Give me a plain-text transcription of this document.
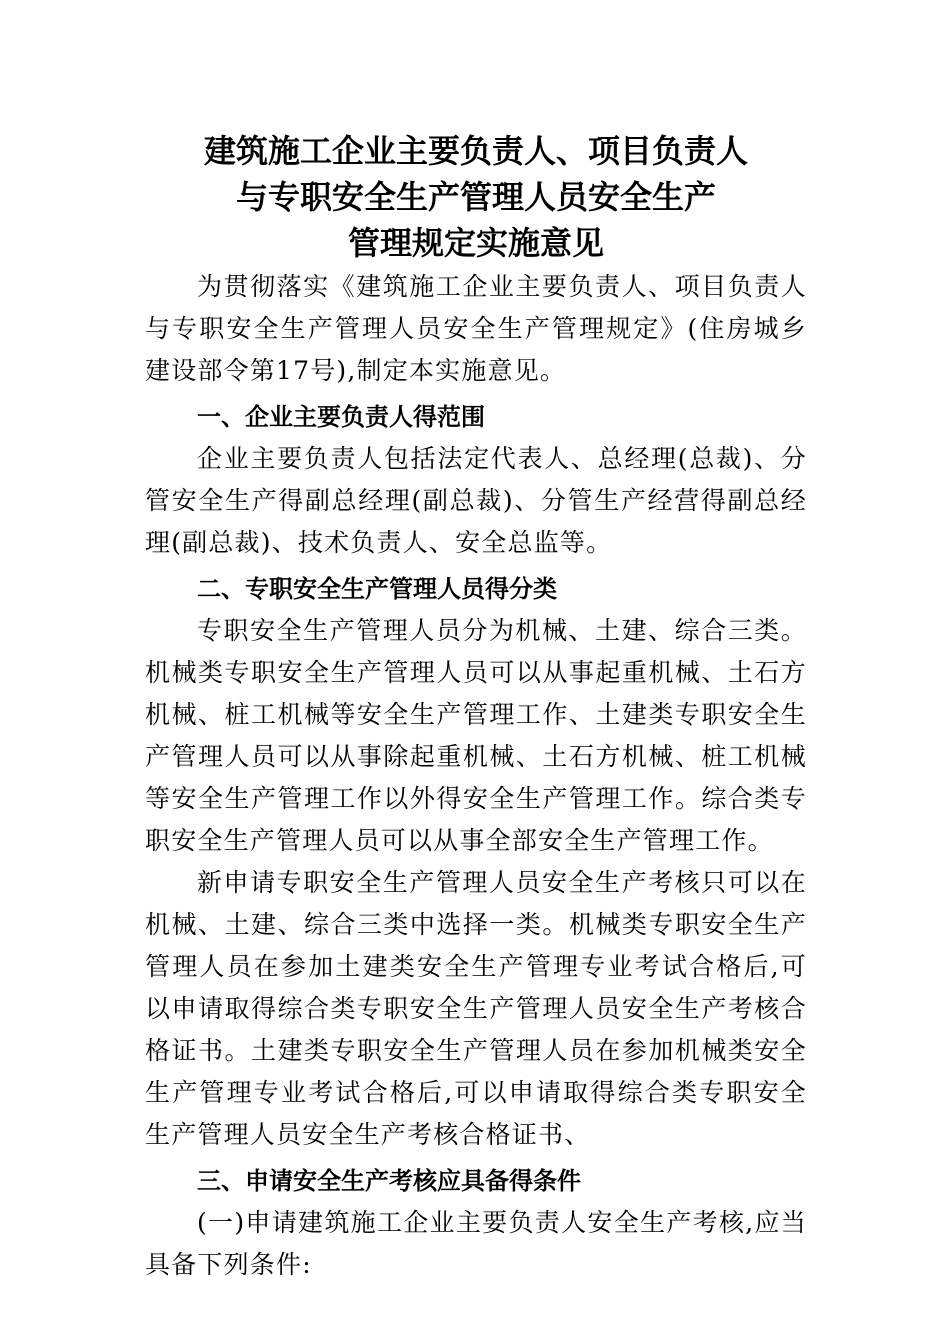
建筑施工企业主要负责人、项目负责人
与专职安全生产管理人员安全生产
管理规定实施意见

为贯彻落实《建筑施工企业主要负责人、项目负责人与专职安全生产管理人员安全生产管理规定》(住房城乡建设部令第17号),制定本实施意见。

一、企业主要负责人得范围

企业主要负责人包括法定代表人、总经理(总裁)、分管安全生产得副总经理(副总裁)、分管生产经营得副总经理(副总裁)、技术负责人、安全总监等。

二、专职安全生产管理人员得分类

专职安全生产管理人员分为机械、土建、综合三类。机械类专职安全生产管理人员可以从事起重机械、土石方机械、桩工机械等安全生产管理工作、土建类专职安全生产管理人员可以从事除起重机械、土石方机械、桩工机械等安全生产管理工作以外得安全生产管理工作。综合类专职安全生产管理人员可以从事全部安全生产管理工作。

新申请专职安全生产管理人员安全生产考核只可以在机械、土建、综合三类中选择一类。机械类专职安全生产管理人员在参加土建类安全生产管理专业考试合格后,可以申请取得综合类专职安全生产管理人员安全生产考核合格证书。土建类专职安全生产管理人员在参加机械类安全生产管理专业考试合格后,可以申请取得综合类专职安全生产管理人员安全生产考核合格证书、

三、申请安全生产考核应具备得条件

(一)申请建筑施工企业主要负责人安全生产考核,应当具备下列条件:
